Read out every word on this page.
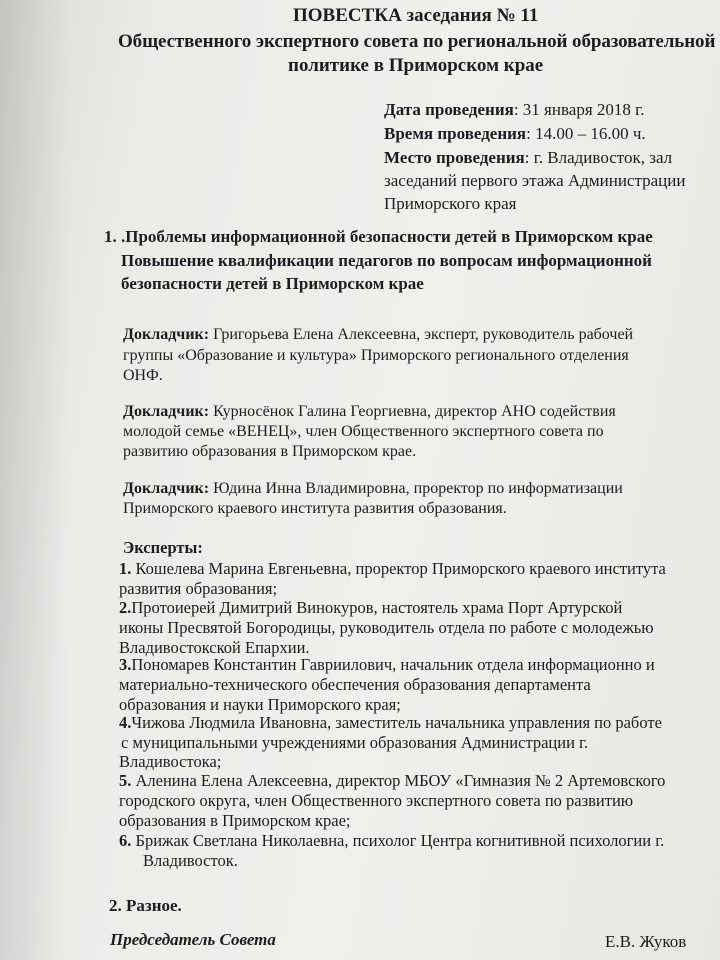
ПОВЕСТКА заседания № 11
Общественного экспертного совета по региональной образовательной
политике в Приморском крае
Дата проведения: 31 января 2018 г.
Время проведения: 14.00 – 16.00 ч.
Место проведения: г. Владивосток, зал
заседаний первого этажа Администрации
Приморского края
1. .Проблемы информационной безопасности детей в Приморском крае
Повышение квалификации педагогов по вопросам информационной
безопасности детей в Приморском крае
Докладчик: Григорьева Елена Алексеевна, эксперт, руководитель рабочей
группы «Образование и культура» Приморского регионального отделения
ОНФ.
Докладчик: Курносёнок Галина Георгиевна, директор АНО содействия
молодой семье «ВЕНЕЦ», член Общественного экспертного совета по
развитию образования в Приморском крае.
Докладчик: Юдина Инна Владимировна, проректор по информатизации
Приморского краевого института развития образования.
Эксперты:
1. Кошелева Марина Евгеньевна, проректор Приморского краевого института
развития образования;
2.Протоиерей Димитрий Винокуров, настоятель храма Порт Артурской
иконы Пресвятой Богородицы, руководитель отдела по работе с молодежью
Владивостокской Епархии.
3.Пономарев Константин Гавриилович, начальник отдела информационно и
материально-технического обеспечения образования департамента
образования и науки Приморского края;
4.Чижова Людмила Ивановна, заместитель начальника управления по работе
с муниципальными учреждениями образования Администрации г.
Владивостока;
5. Аленина Елена Алексеевна, директор МБОУ «Гимназия № 2 Артемовского
городского округа, член Общественного экспертного совета по развитию
образования в Приморском крае;
6. Брижак Светлана Николаевна, психолог Центра когнитивной психологии г.
Владивосток.
2. Разное.
Председатель Совета	Е.В. Жуков
